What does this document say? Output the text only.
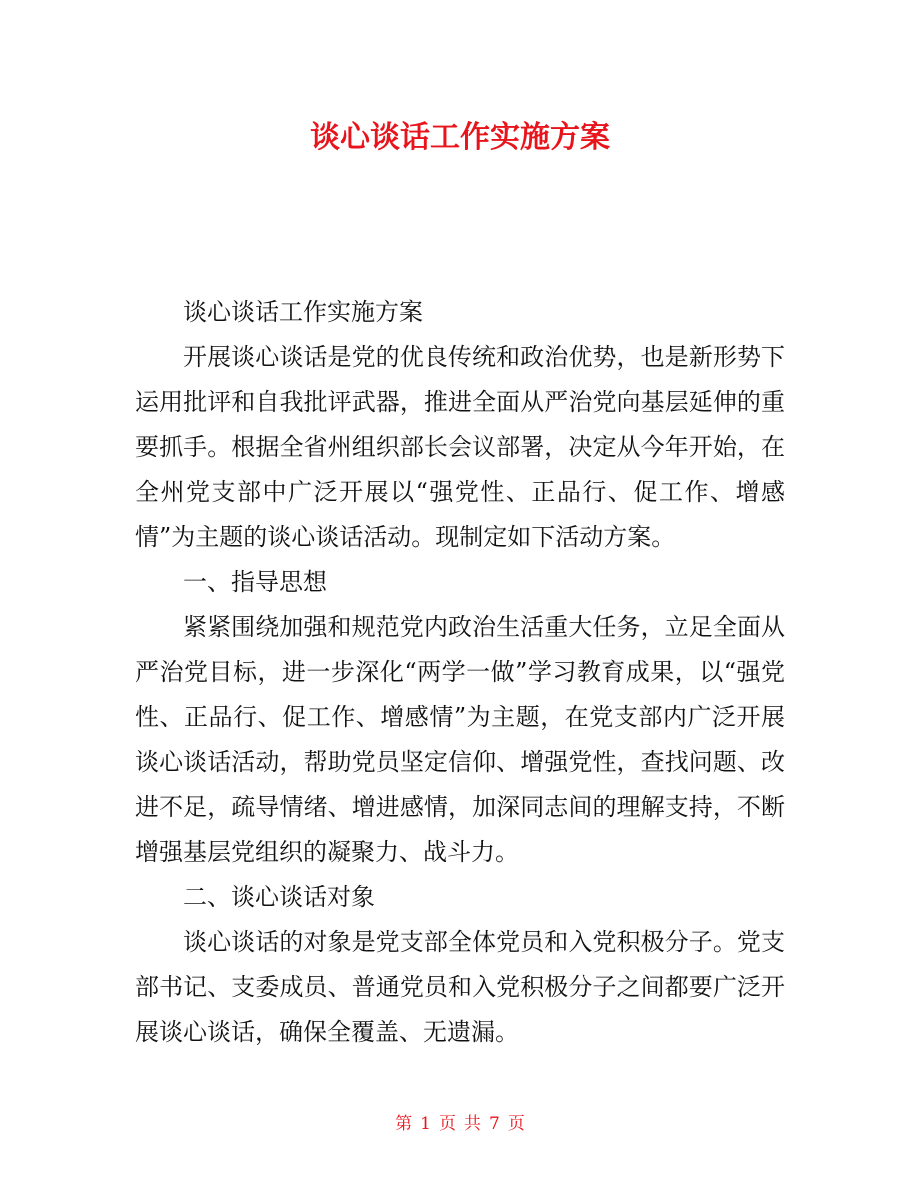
谈心谈话工作实施方案

谈心谈话工作实施方案

开展谈心谈话是党的优良传统和政治优势，也是新形势下运用批评和自我批评武器，推进全面从严治党向基层延伸的重要抓手。根据全省州组织部长会议部署，决定从今年开始，在全州党支部中广泛开展以“强党性、正品行、促工作、增感情”为主题的谈心谈话活动。现制定如下活动方案。

一、指导思想

紧紧围绕加强和规范党内政治生活重大任务，立足全面从严治党目标，进一步深化“两学一做”学习教育成果，以“强党性、正品行、促工作、增感情”为主题，在党支部内广泛开展谈心谈话活动，帮助党员坚定信仰、增强党性，查找问题、改进不足，疏导情绪、增进感情，加深同志间的理解支持，不断增强基层党组织的凝聚力、战斗力。

二、谈心谈话对象

谈心谈话的对象是党支部全体党员和入党积极分子。党支部书记、支委成员、普通党员和入党积极分子之间都要广泛开展谈心谈话，确保全覆盖、无遗漏。

第 1 页 共 7 页
